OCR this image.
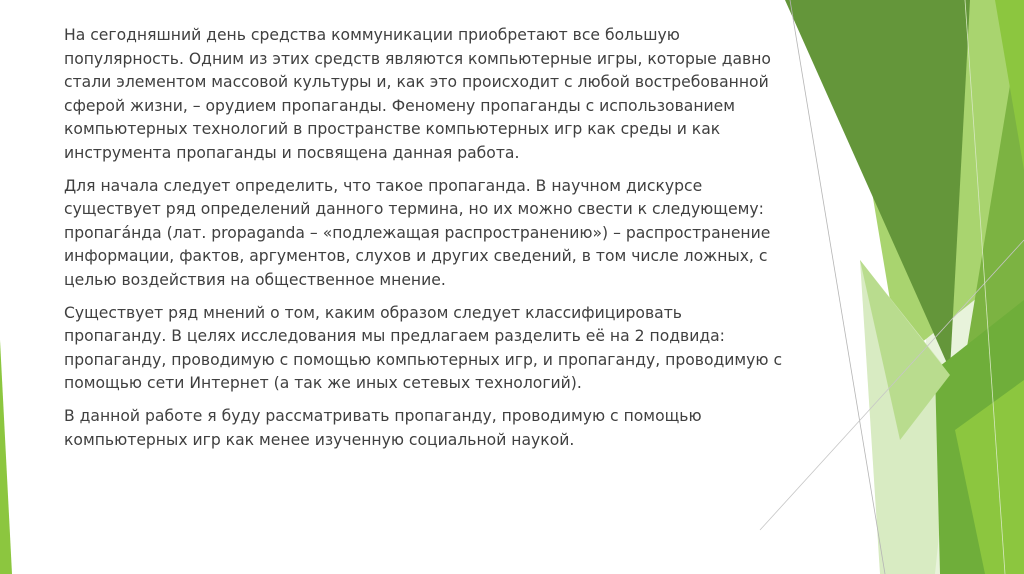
На сегодняшний день средства коммуникации приобретают все большую популярность. Одним из этих средств являются компьютерные игры, которые давно стали элементом массовой культуры и, как это происходит с любой востребованной сферой жизни, – орудием пропаганды. Феномену пропаганды с использованием компьютерных технологий в пространстве компьютерных игр как среды и как инструмента пропаганды и посвящена данная работа.

Для начала следует определить, что такое пропаганда. В научном дискурсе существует ряд определений данного термина, но их можно свести к следующему: пропага́нда (лат. propaganda – «подлежащая распространению») – распространение информации, фактов, аргументов, слухов и других сведений, в том числе ложных, с целью воздействия на общественное мнение.

Существует ряд мнений о том, каким образом следует классифицировать пропаганду. В целях исследования мы предлагаем разделить её на 2 подвида: пропаганду, проводимую с помощью компьютерных игр, и пропаганду, проводимую с помощью сети Интернет (а так же иных сетевых технологий).

В данной работе я буду рассматривать пропаганду, проводимую с помощью компьютерных игр как менее изученную социальной наукой.
